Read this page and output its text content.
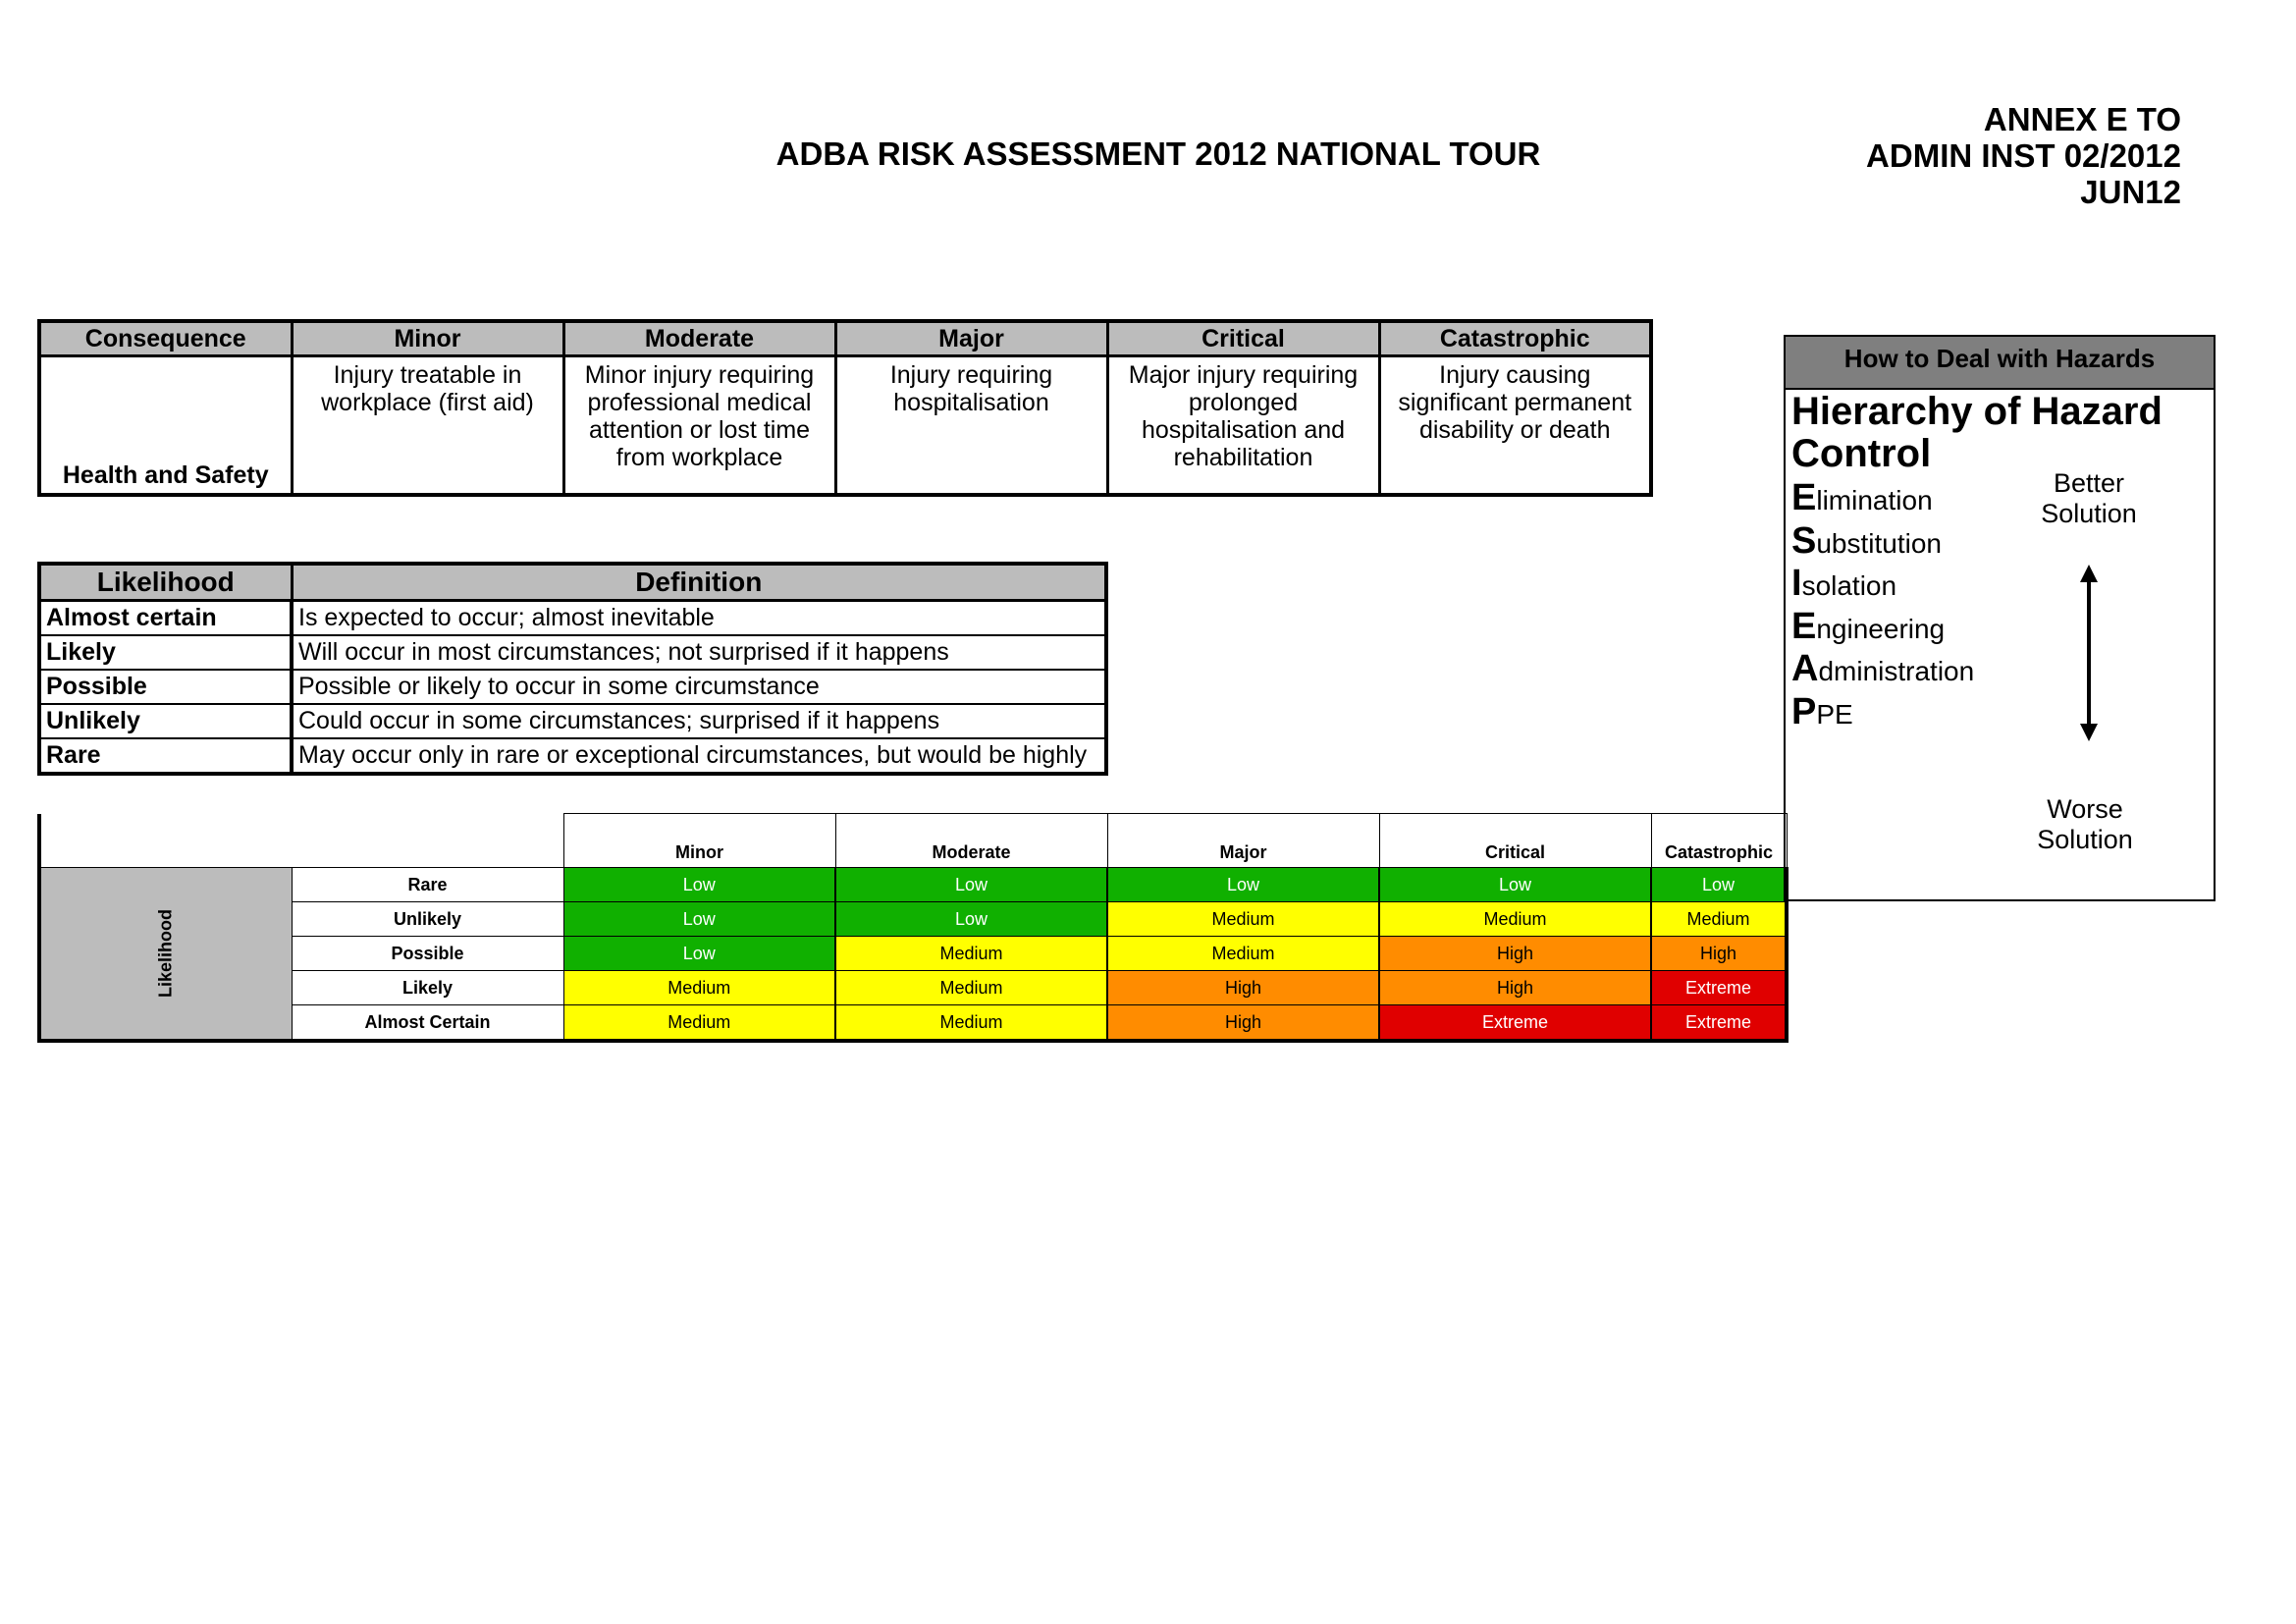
ADBA RISK ASSESSMENT 2012 NATIONAL TOUR
ANNEX E TO
ADMIN INST 02/2012
JUN12
Consequence	Minor	Moderate	Major	Critical	Catastrophic
Health and Safety	Injury treatable in workplace (first aid)	Minor injury requiring professional medical attention or lost time from workplace	Injury requiring hospitalisation	Major injury requiring prolonged hospitalisation and rehabilitation	Injury causing significant permanent disability or death
Likelihood	Definition
Almost certain	Is expected to occur; almost inevitable
Likely	Will occur in most circumstances; not surprised if it happens
Possible	Possible or likely to occur in some circumstance
Unlikely	Could occur in some circumstances; surprised if it happens
Rare	May occur only in rare or exceptional circumstances, but would be highly
		Minor	Moderate	Major	Critical	Catastrophic

Likelihood	Rare	Low	Low	Low	Low	Low
	Unlikely	Low	Low	Medium	Medium	Medium
	Possible	Low	Medium	Medium	High	High
	Likely	Medium	Medium	High	High	Extreme
	Almost Certain	Medium	Medium	High	Extreme	Extreme
How to Deal with Hazards
Hierarchy of Hazard
Control
Elimination
Substitution
Isolation
Engineering
Administration
PPE
Better
Solution
Worse
Solution
